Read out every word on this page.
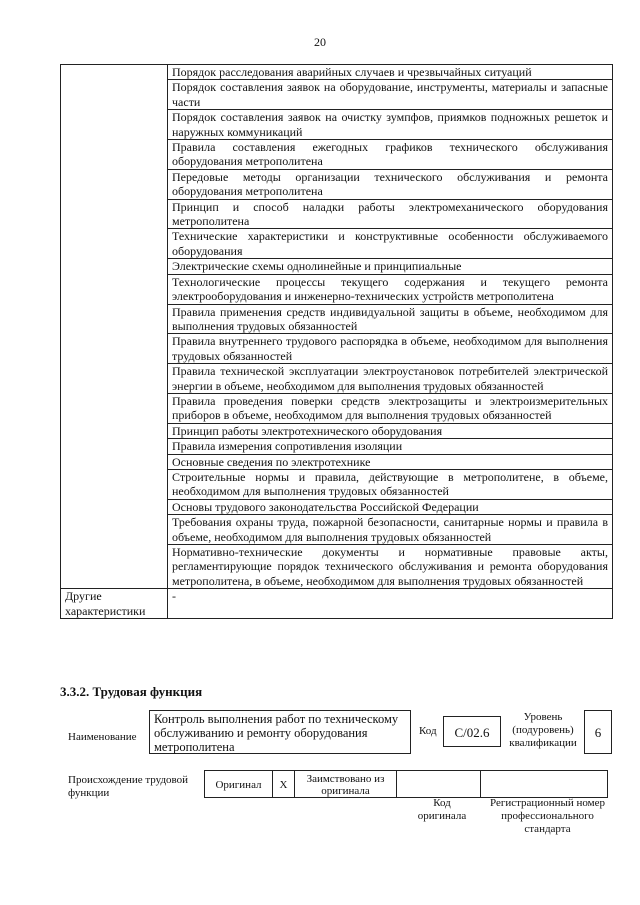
20
	Порядок расследования аварийных случаев и чрезвычайных ситуаций
	Порядок составления заявок на оборудование, инструменты, материалы и запасные части
	Порядок составления заявок на очистку зумпфов, приямков подножных решеток и наружных коммуникаций
	Правила составления ежегодных графиков технического обслуживания оборудования метрополитена
	Передовые методы организации технического обслуживания и ремонта оборудования метрополитена
	Принцип и способ наладки работы электромеханического оборудования метрополитена
	Технические характеристики и конструктивные особенности обслуживаемого оборудования
	Электрические схемы однолинейные и принципиальные
	Технологические процессы текущего содержания и текущего ремонта электрооборудования и инженерно-технических устройств метрополитена
	Правила применения средств индивидуальной защиты в объеме, необходимом для выполнения трудовых обязанностей
	Правила внутреннего трудового распорядка в объеме, необходимом для выполнения трудовых обязанностей
	Правила технической эксплуатации электроустановок потребителей электрической энергии в объеме, необходимом для выполнения трудовых обязанностей
	Правила проведения поверки средств электрозащиты и электроизмерительных приборов в объеме, необходимом для выполнения трудовых обязанностей
	Принцип работы электротехнического оборудования
	Правила измерения сопротивления изоляции
	Основные сведения по электротехнике
	Строительные нормы и правила, действующие в метрополитене, в объеме, необходимом для выполнения трудовых обязанностей
	Основы трудового законодательства Российской Федерации
	Требования охраны труда, пожарной безопасности, санитарные нормы и правила в объеме, необходимом для выполнения трудовых обязанностей
	Нормативно-технические документы и нормативные правовые акты, регламентирующие порядок технического обслуживания и ремонта оборудования метрополитена, в объеме, необходимом для выполнения трудовых обязанностей
Другие характеристики	-
3.3.2. Трудовая функция
Наименование
Контроль выполнения работ по техническому обслуживанию и ремонту оборудования метрополитена
Код	С/02.6
Уровень (подуровень) квалификации
6
Происхождение трудовой функции
Оригинал	X	Заимствовано из оригинала
Код оригинала
Регистрационный номер профессионального стандарта
